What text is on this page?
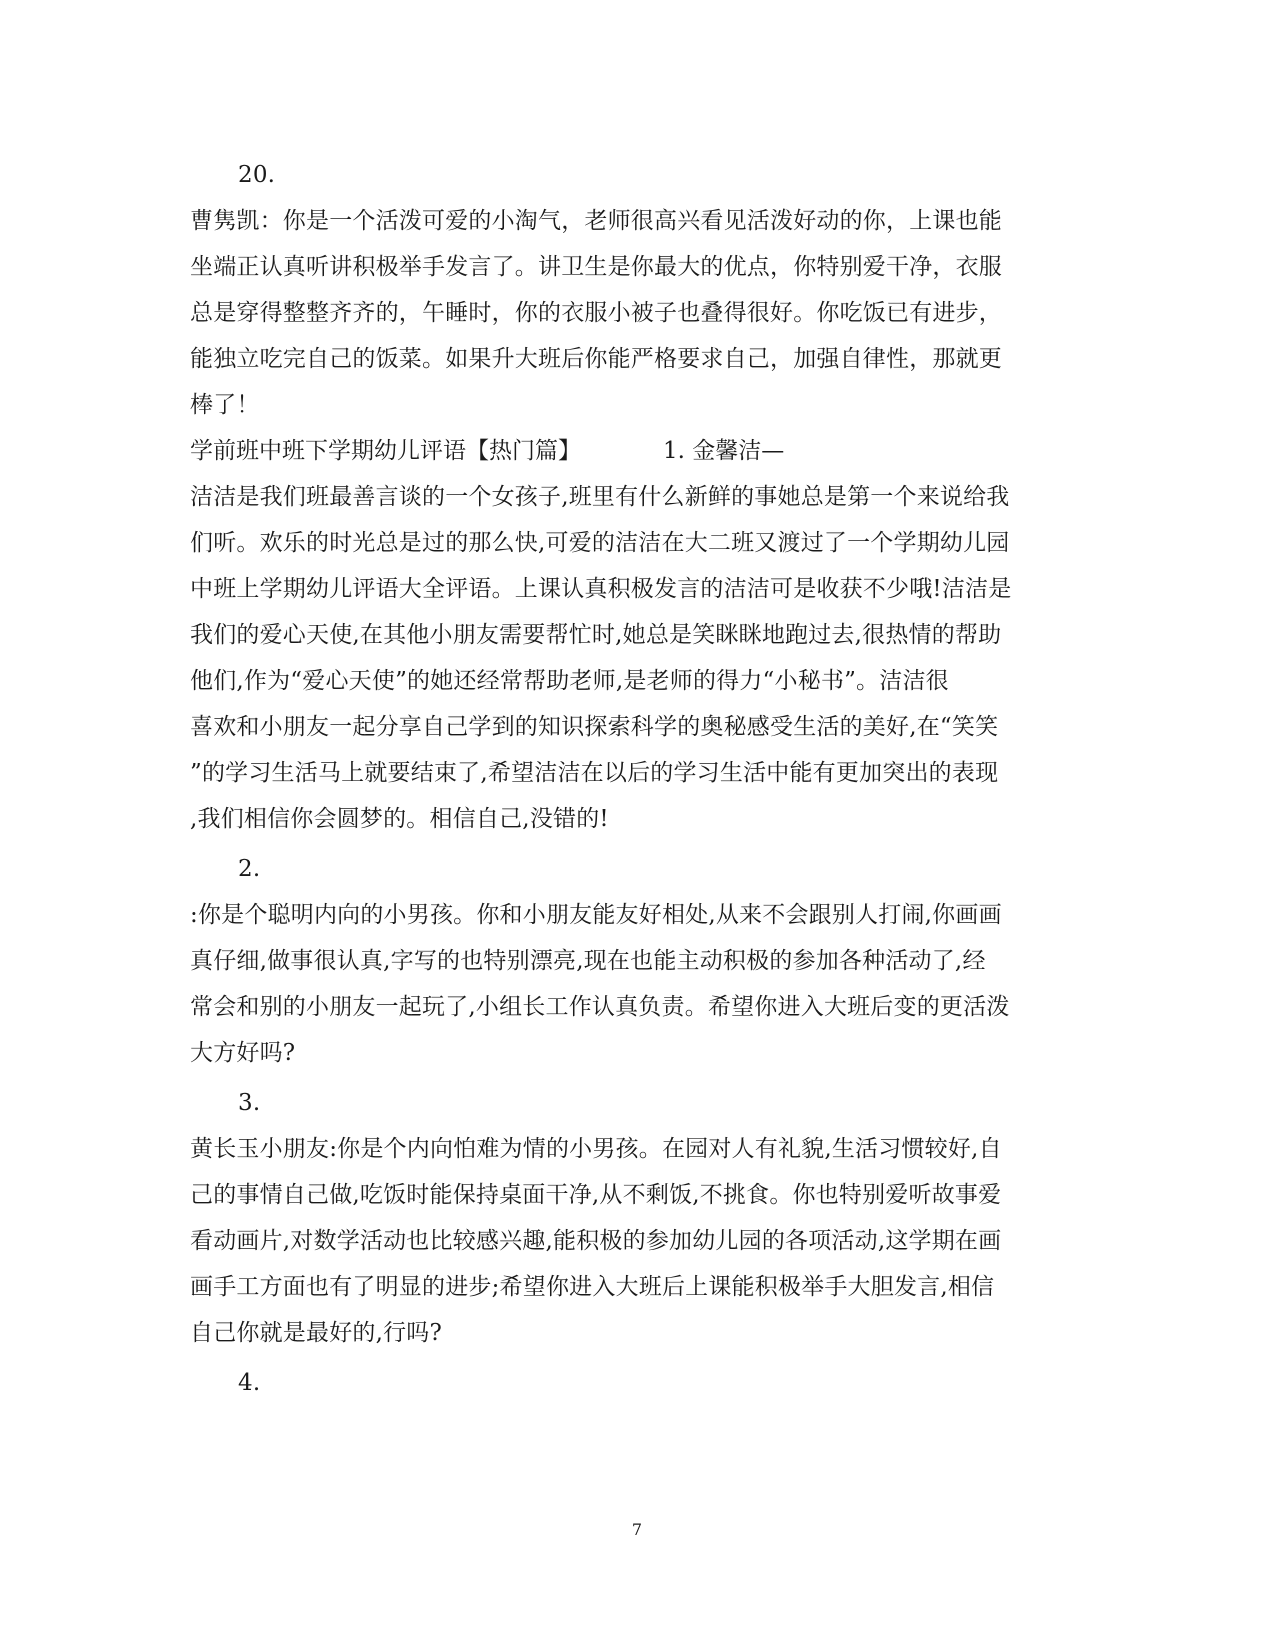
20.
曹隽凯：你是一个活泼可爱的小淘气，老师很高兴看见活泼好动的你，上课也能
坐端正认真听讲积极举手发言了。讲卫生是你最大的优点，你特别爱干净，衣服
总是穿得整整齐齐的，午睡时，你的衣服小被子也叠得很好。你吃饭已有进步，
能独立吃完自己的饭菜。如果升大班后你能严格要求自己，加强自律性，那就更
棒了！
学前班中班下学期幼儿评语【热门篇】	1. 金馨洁—
洁洁是我们班最善言谈的一个女孩子,班里有什么新鲜的事她总是第一个来说给我
们听。欢乐的时光总是过的那么快,可爱的洁洁在大二班又渡过了一个学期幼儿园
中班上学期幼儿评语大全评语。上课认真积极发言的洁洁可是收获不少哦!洁洁是
我们的爱心天使,在其他小朋友需要帮忙时,她总是笑眯眯地跑过去,很热情的帮助
他们,作为“爱心天使”的她还经常帮助老师,是老师的得力“小秘书”。洁洁很
喜欢和小朋友一起分享自己学到的知识探索科学的奥秘感受生活的美好,在“笑笑
”的学习生活马上就要结束了,希望洁洁在以后的学习生活中能有更加突出的表现
,我们相信你会圆梦的。相信自己,没错的!
2.
:你是个聪明内向的小男孩。你和小朋友能友好相处,从来不会跟别人打闹,你画画
真仔细,做事很认真,字写的也特别漂亮,现在也能主动积极的参加各种活动了,经
常会和别的小朋友一起玩了,小组长工作认真负责。希望你进入大班后变的更活泼
大方好吗?
3.
黄长玉小朋友:你是个内向怕难为情的小男孩。在园对人有礼貌,生活习惯较好,自
己的事情自己做,吃饭时能保持桌面干净,从不剩饭,不挑食。你也特别爱听故事爱
看动画片,对数学活动也比较感兴趣,能积极的参加幼儿园的各项活动,这学期在画
画手工方面也有了明显的进步;希望你进入大班后上课能积极举手大胆发言,相信
自己你就是最好的,行吗?
4.
7
